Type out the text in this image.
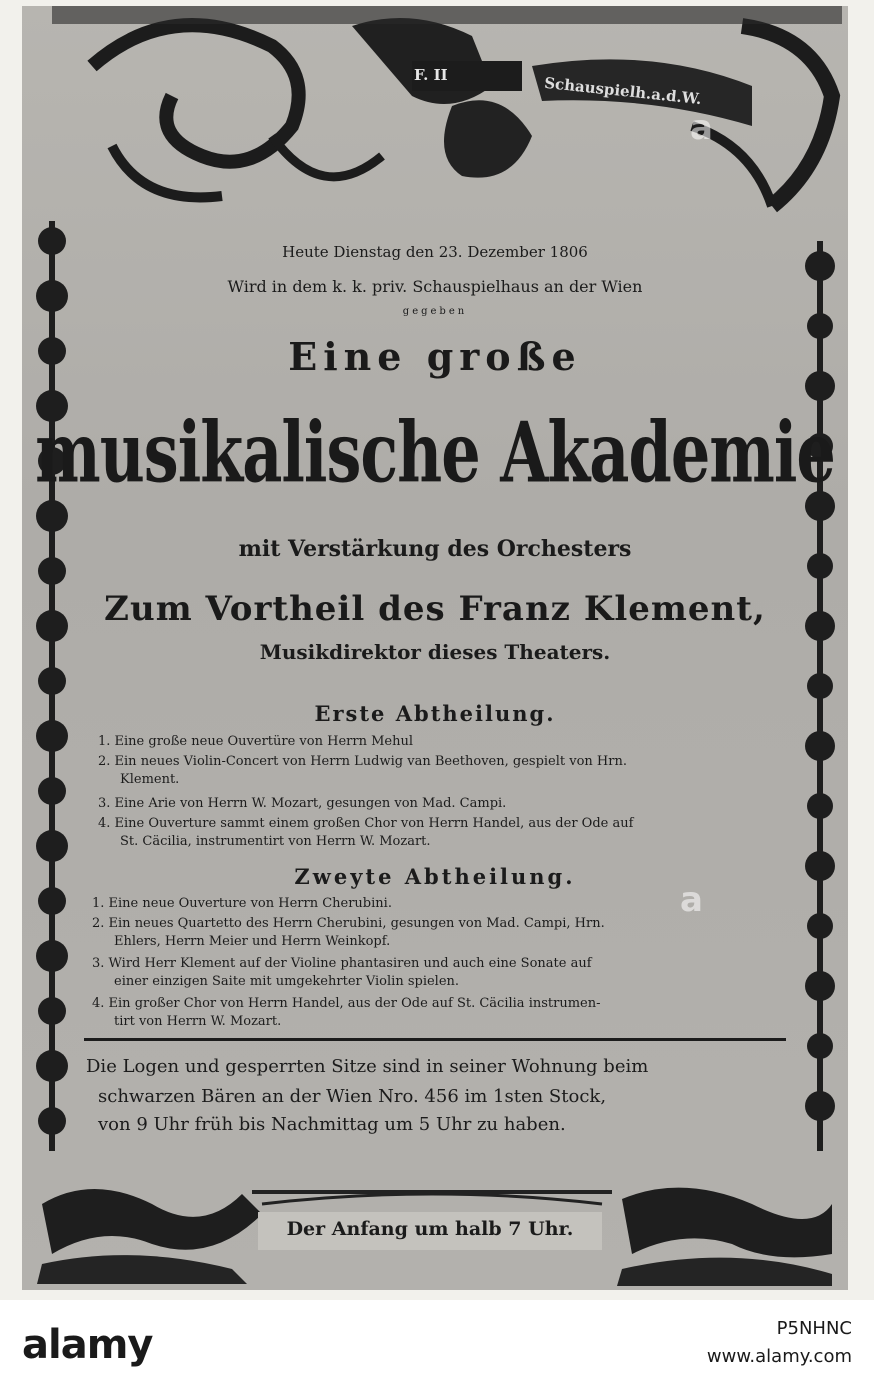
F. II	Schauspielh.a.d.W.
Heute Dienstag den 23. Dezember 1806
Wird in dem k. k. priv. Schauspielhaus an der Wien
gegeben
Eine große
musikalische Akademie
mit Verstärkung des Orchesters
Zum Vortheil des Franz Klement,
Musikdirektor dieses Theaters.
Erste Abtheilung.
1. Eine große neue Ouvertüre von Herrn Mehul
2. Ein neues Violin-Concert von Herrn Ludwig van Beethoven, gespielt von Hrn.
Klement.
3. Eine Arie von Herrn W. Mozart, gesungen von Mad. Campi.
4. Eine Ouverture sammt einem großen Chor von Herrn Handel, aus der Ode auf
St. Cäcilia, instrumentirt von Herrn W. Mozart.
Zweyte Abtheilung.
1. Eine neue Ouverture von Herrn Cherubini.
2. Ein neues Quartetto des Herrn Cherubini, gesungen von Mad. Campi, Hrn.
Ehlers, Herrn Meier und Herrn Weinkopf.
3. Wird Herr Klement auf der Violine phantasiren und auch eine Sonate auf
einer einzigen Saite mit umgekehrter Violin spielen.
4. Ein großer Chor von Herrn Handel, aus der Ode auf St. Cäcilia instrumen-
tirt von Herrn W. Mozart.
Die Logen und gesperrten Sitze sind in seiner Wohnung beim
schwarzen Bären an der Wien Nro. 456 im 1sten Stock,
von 9 Uhr früh bis Nachmittag um 5 Uhr zu haben.
Der Anfang um halb 7 Uhr.
a
a
alamy	P5NHNC
www.alamy.com
